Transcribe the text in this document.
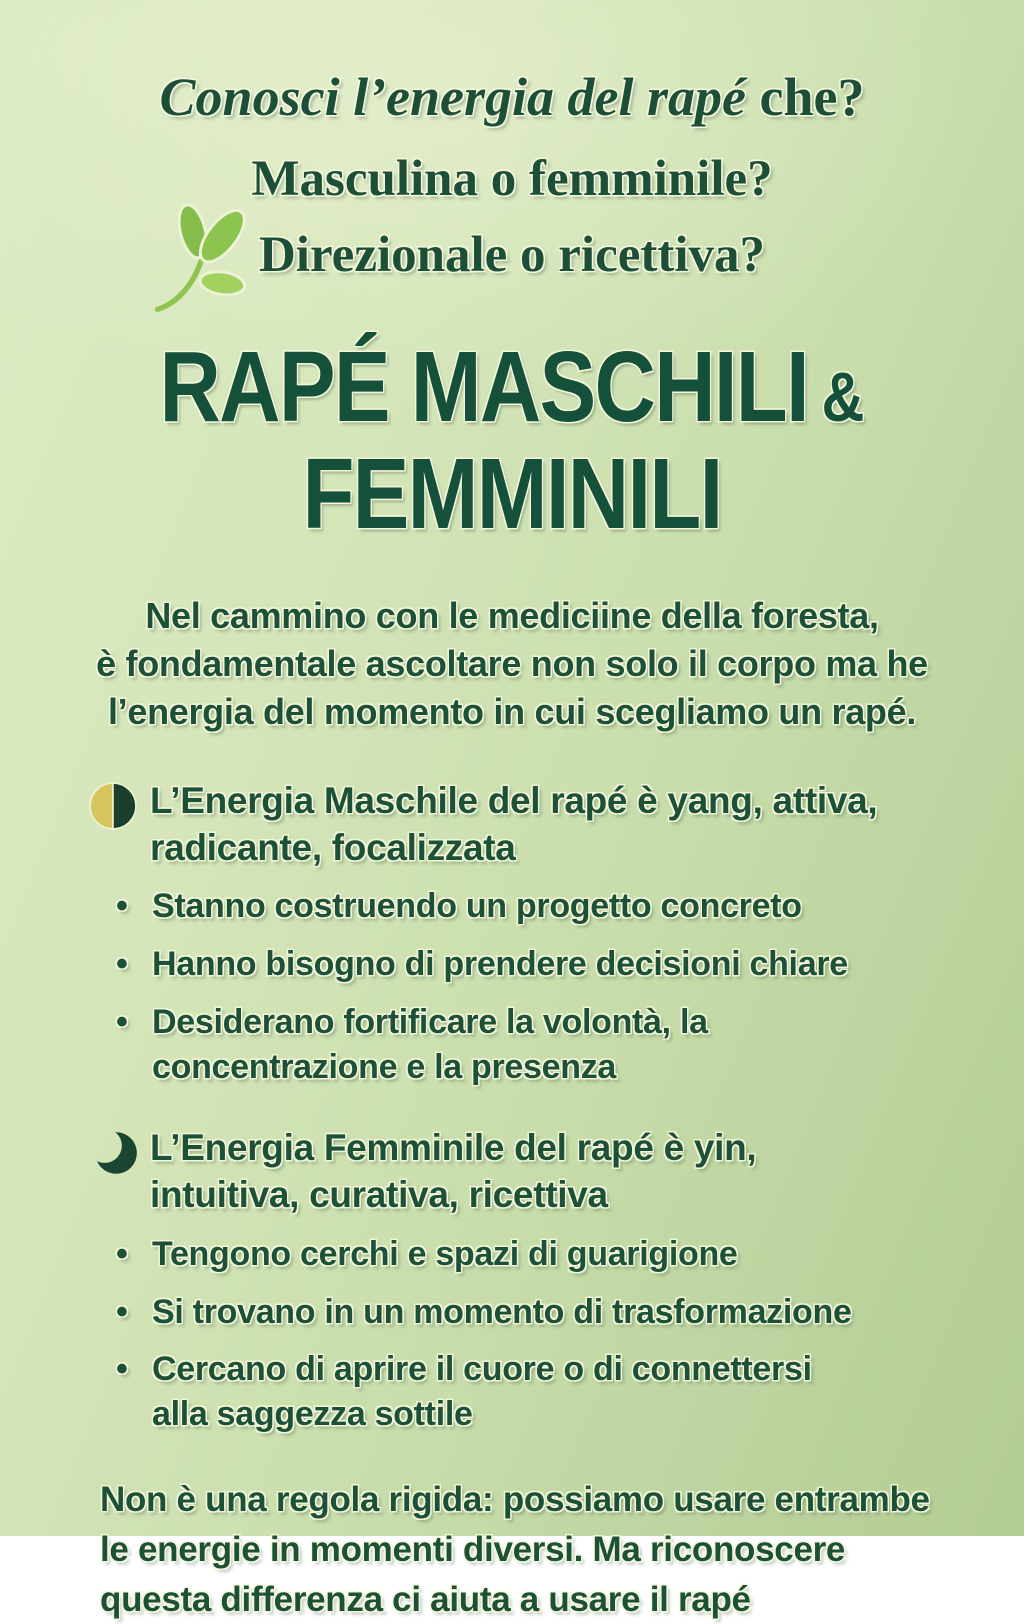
Conosci l’energia del rapé che?
Masculina o femminile?
Direzionale o ricettiva?
RAPÉ MASCHILI &
FEMMINILI
Nel cammino con le mediciine della foresta,
è fondamentale ascoltare non solo il corpo ma he
l’energia del momento in cui scegliamo un rapé.
L’Energia Maschile del rapé è yang, attiva,
radicante, focalizzata
• Stanno costruendo un progetto concreto
• Hanno bisogno di prendere decisioni chiare
• Desiderano fortificare la volontà, la
concentrazione e la presenza
L’Energia Femminile del rapé è yin,
intuitiva, curativa, ricettiva
• Tengono cerchi e spazi di guarigione
• Si trovano in un momento di trasformazione
• Cercano di aprire il cuore o di connettersi
alla saggezza sottile
Non è una regola rigida: possiamo usare entrambe
le energie in momenti diversi. Ma riconoscere
questa differenza ci aiuta a usare il rapé
